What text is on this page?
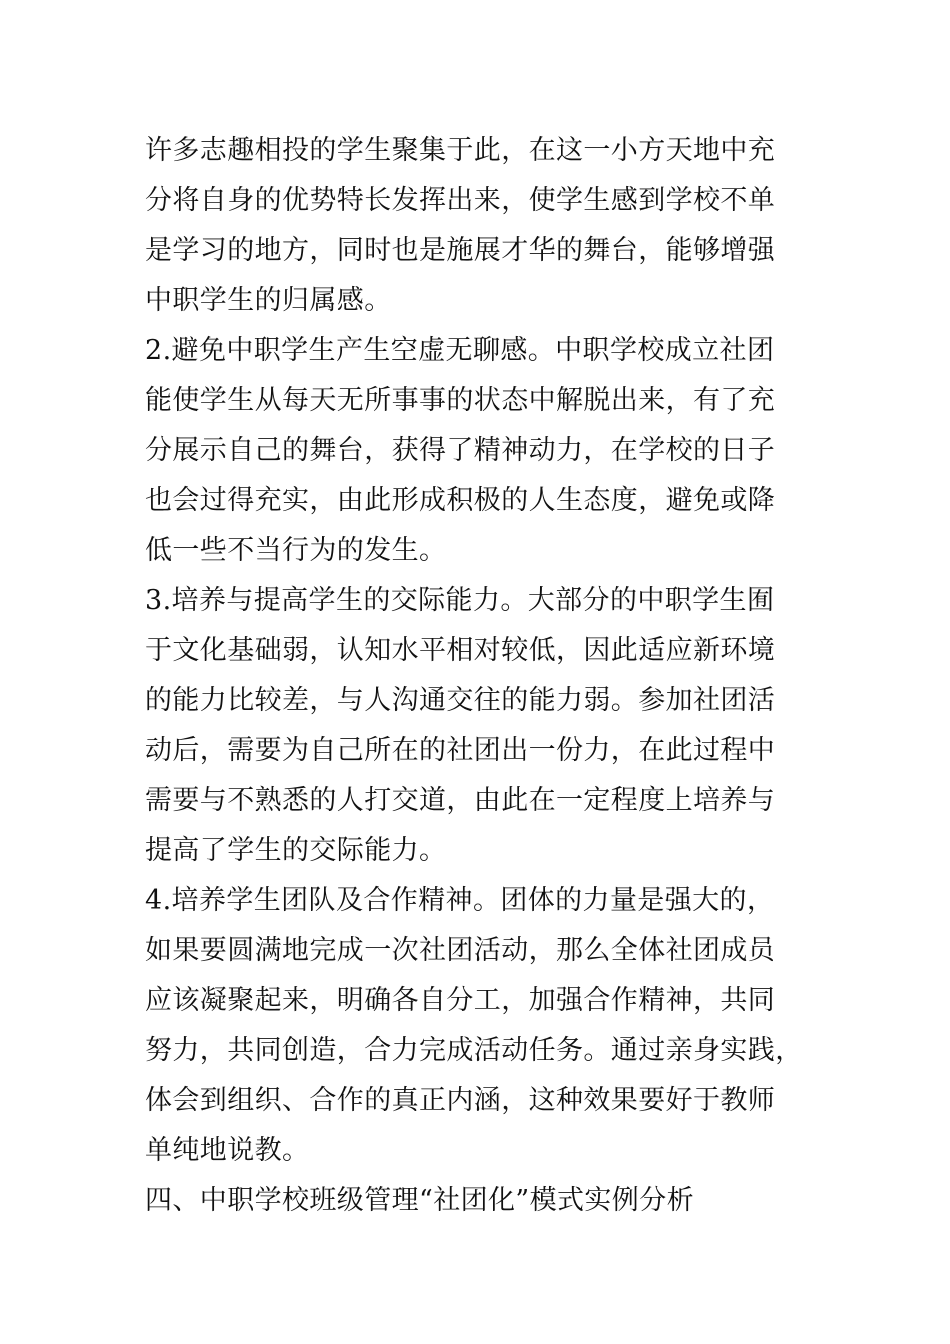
许多志趣相投的学生聚集于此，在这一小方天地中充
分将自身的优势特长发挥出来，使学生感到学校不单
是学习的地方，同时也是施展才华的舞台，能够增强
中职学生的归属感。
2.避免中职学生产生空虚无聊感。中职学校成立社团
能使学生从每天无所事事的状态中解脱出来，有了充
分展示自己的舞台，获得了精神动力，在学校的日子
也会过得充实，由此形成积极的人生态度，避免或降
低一些不当行为的发生。
3.培养与提高学生的交际能力。大部分的中职学生囿
于文化基础弱，认知水平相对较低，因此适应新环境
的能力比较差，与人沟通交往的能力弱。参加社团活
动后，需要为自己所在的社团出一份力，在此过程中
需要与不熟悉的人打交道，由此在一定程度上培养与
提高了学生的交际能力。
4.培养学生团队及合作精神。团体的力量是强大的，
如果要圆满地完成一次社团活动，那么全体社团成员
应该凝聚起来，明确各自分工，加强合作精神，共同
努力，共同创造，合力完成活动任务。通过亲身实践，
体会到组织、合作的真正内涵，这种效果要好于教师
单纯地说教。
四、中职学校班级管理“社团化”模式实例分析
